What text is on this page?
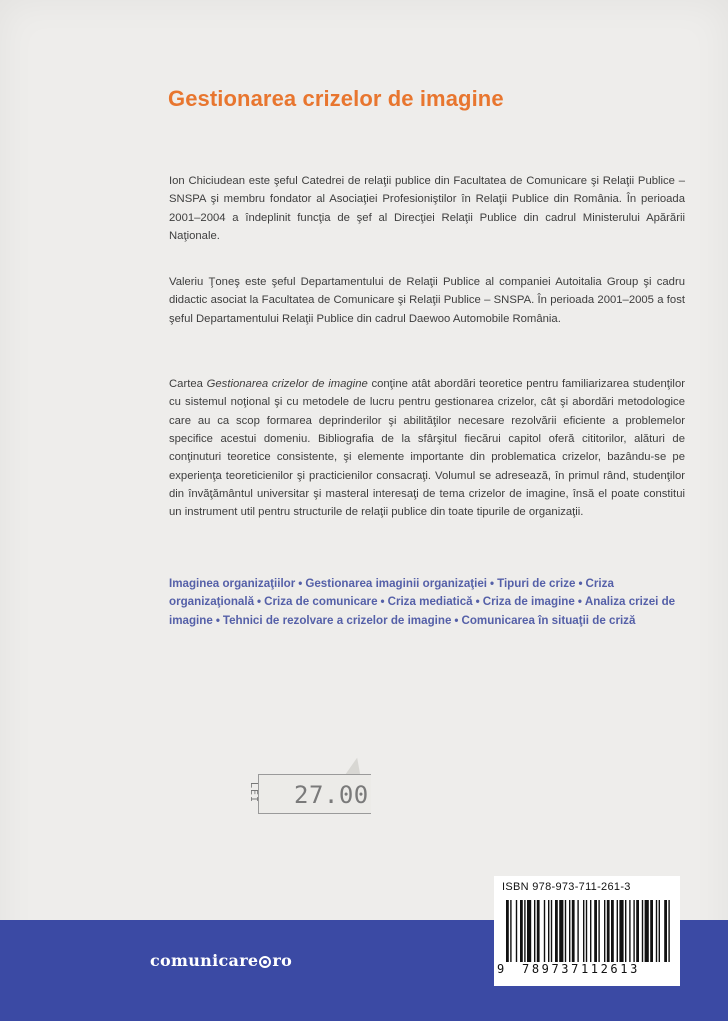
Gestionarea crizelor de imagine

Ion Chiciudean este şeful Catedrei de relaţii publice din Facultatea de Comunicare şi Relaţii Publice – SNSPA şi membru fondator al Asociaţiei Profesioniştilor în Relaţii Publice din România. În perioada 2001–2004 a îndeplinit funcţia de şef al Direcţiei Relaţii Publice din cadrul Ministerului Apărării Naţionale.

Valeriu Ţoneş este şeful Departamentului de Relaţii Publice al companiei Autoitalia Group şi cadru didactic asociat la Facultatea de Comunicare şi Relaţii Publice – SNSPA. În perioada 2001–2005 a fost şeful Departamentului Relaţii Publice din cadrul Daewoo Automobile România.

Cartea Gestionarea crizelor de imagine conţine atât abordări teoretice pentru familiarizarea studenţilor cu sistemul noţional şi cu metodele de lucru pentru gestionarea crizelor, cât şi abordări metodologice care au ca scop formarea deprinderilor şi abilităţilor necesare rezolvării eficiente a problemelor specifice acestui domeniu. Bibliografia de la sfârşitul fiecărui capitol oferă cititorilor, alături de conţinuturi teoretice consistente, şi elemente importante din problematica crizelor, bazându-se pe experienţa teoreticienilor şi practicienilor consacraţi. Volumul se adresează, în primul rând, studenţilor din învăţământul universitar şi masteral interesaţi de tema crizelor de imagine, însă el poate constitui un instrument util pentru structurile de relaţii publice din toate tipurile de organizaţii.

Imaginea organizaţiilor • Gestionarea imaginii organizaţiei • Tipuri de crize • Criza organizaţională • Criza de comunicare • Criza mediatică • Criza de imagine • Analiza crizei de imagine • Tehnici de rezolvare a crizelor de imagine • Comunicarea în situaţii de criză

LEI 27.00
comunicare ro
ISBN 978-973-711-261-3
9 789737112613
